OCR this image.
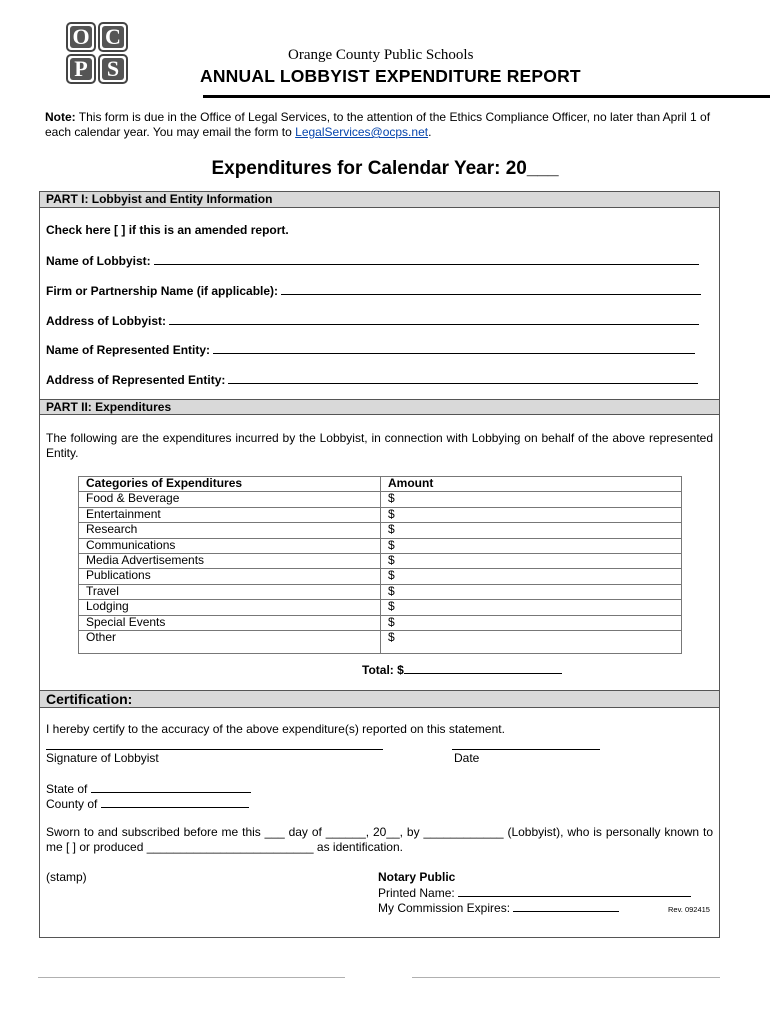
O C
P S
Orange County Public Schools
ANNUAL LOBBYIST EXPENDITURE REPORT
Note: This form is due in the Office of Legal Services, to the attention of the Ethics Compliance Officer, no later than April 1 of each calendar year. You may email the form to LegalServices@ocps.net.
Expenditures for Calendar Year: 20___
PART I: Lobbyist and Entity Information
Check here [ ] if this is an amended report.
Name of Lobbyist:
Firm or Partnership Name (if applicable):
Address of Lobbyist:
Name of Represented Entity:
Address of Represented Entity:
PART II: Expenditures
The following are the expenditures incurred by the Lobbyist, in connection with Lobbying on behalf of the above represented Entity.
Categories of Expenditures	Amount
Food & Beverage	$
Entertainment	$
Research	$
Communications	$
Media Advertisements	$
Publications	$
Travel	$
Lodging	$
Special Events	$
Other	$
Total: $
Certification:
I hereby certify to the accuracy of the above expenditure(s) reported on this statement.
Signature of Lobbyist	Date
State of
County of
Sworn to and subscribed before me this ___ day of ______, 20__, by ____________ (Lobbyist), who is personally known to me [ ] or produced _________________________ as identification.
(stamp)	Notary Public
Printed Name:
My Commission Expires:	Rev. 092415
